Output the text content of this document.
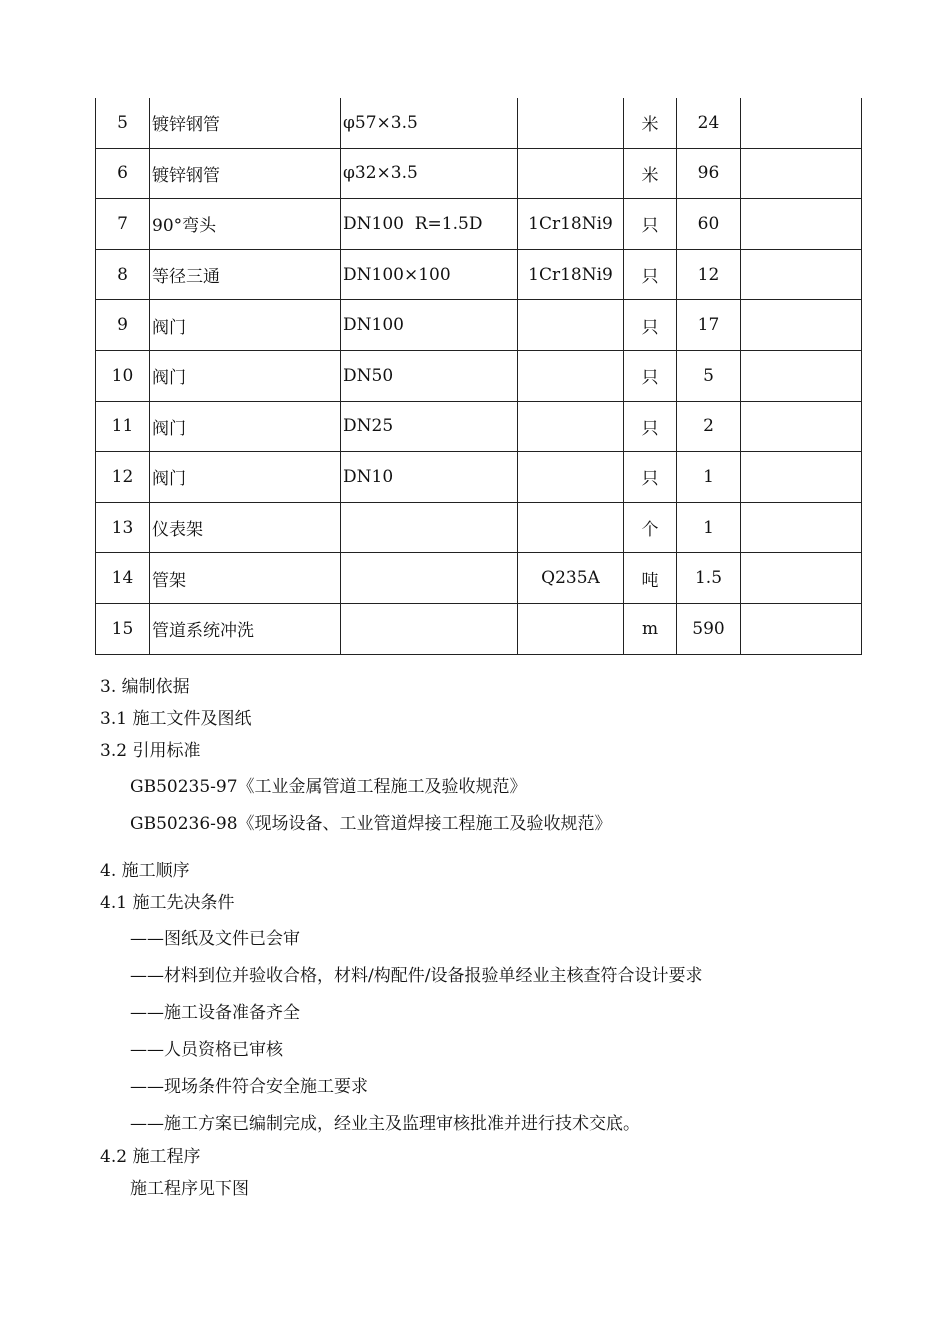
5	镀锌钢管	φ57×3.5		米	24	
6	镀锌钢管	φ32×3.5		米	96	
7	90°弯头	DN100  R=1.5D	1Cr18Ni9	只	60	
8	等径三通	DN100×100	1Cr18Ni9	只	12	
9	阀门	DN100		只	17	
10	阀门	DN50		只	5	
11	阀门	DN25		只	2	
12	阀门	DN10		只	1	
13	仪表架			个	1	
14	管架		Q235A	吨	1.5	
15	管道系统冲洗			m	590	

3. 编制依据

3.1 施工文件及图纸

3.2 引用标准

GB50235-97《工业金属管道工程施工及验收规范》

GB50236-98《现场设备、工业管道焊接工程施工及验收规范》

4. 施工顺序

4.1 施工先决条件

——图纸及文件已会审

——材料到位并验收合格，材料/构配件/设备报验单经业主核查符合设计要求

——施工设备准备齐全

——人员资格已审核

——现场条件符合安全施工要求

——施工方案已编制完成，经业主及监理审核批准并进行技术交底。

4.2 施工程序

施工程序见下图
